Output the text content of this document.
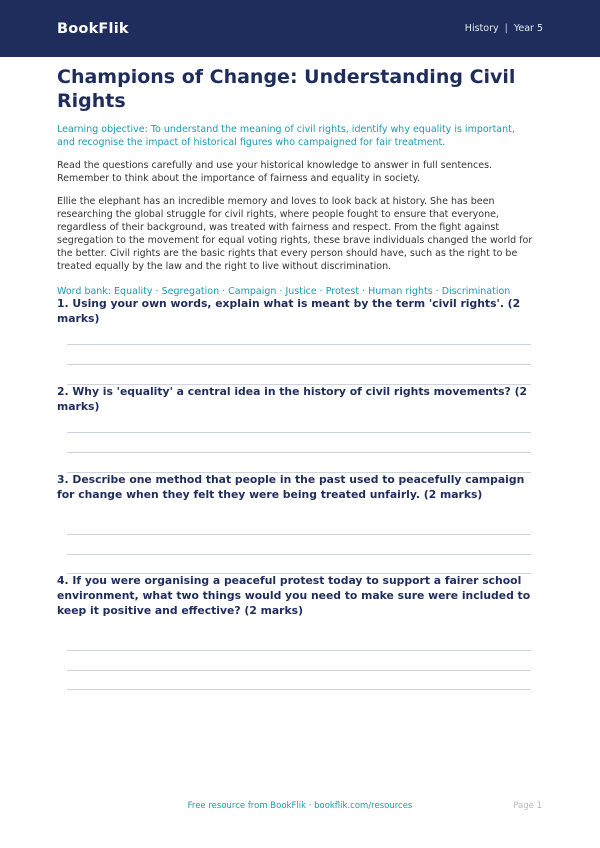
BookFlik	History | Year 5
Champions of Change: Understanding Civil Rights

Learning objective: To understand the meaning of civil rights, identify why equality is important, and recognise the impact of historical figures who campaigned for fair treatment.

Read the questions carefully and use your historical knowledge to answer in full sentences. Remember to think about the importance of fairness and equality in society.

Ellie the elephant has an incredible memory and loves to look back at history. She has been researching the global struggle for civil rights, where people fought to ensure that everyone, regardless of their background, was treated with fairness and respect. From the fight against segregation to the movement for equal voting rights, these brave individuals changed the world for the better. Civil rights are the basic rights that every person should have, such as the right to be treated equally by the law and the right to live without discrimination.

Word bank: Equality · Segregation · Campaign · Justice · Protest · Human rights · Discrimination

1. Using your own words, explain what is meant by the term 'civil rights'. (2 marks)
2. Why is 'equality' a central idea in the history of civil rights movements? (2 marks)
3. Describe one method that people in the past used to peacefully campaign for change when they felt they were being treated unfairly. (2 marks)
4. If you were organising a peaceful protest today to support a fairer school environment, what two things would you need to make sure were included to keep it positive and effective? (2 marks)
Free resource from BookFlik · bookflik.com/resources	Page 1
